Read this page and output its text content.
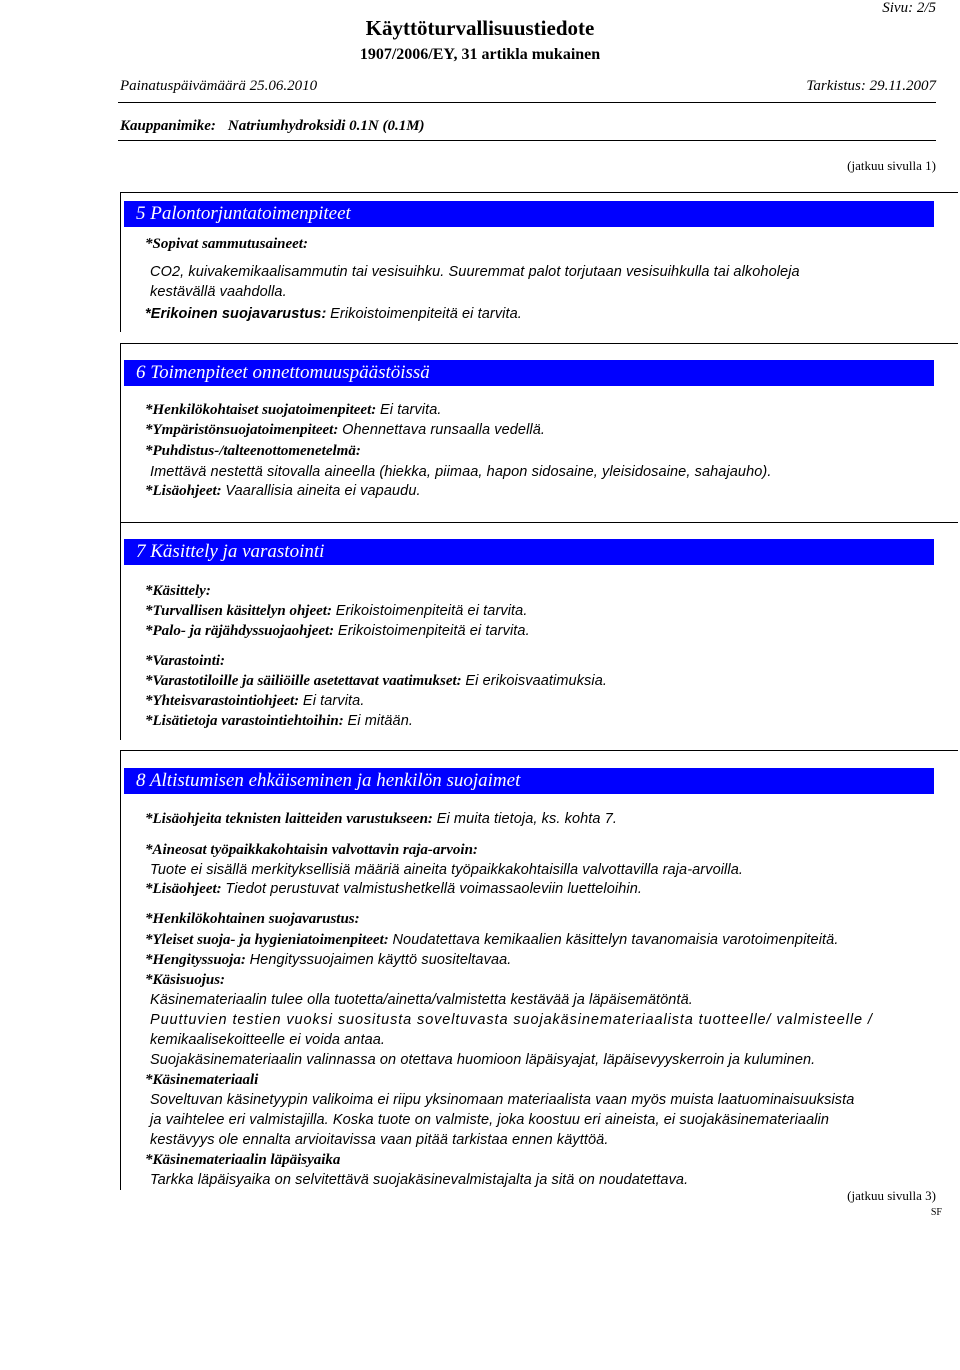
Sivu: 2/5
Käyttöturvallisuustiedote
1907/2006/EY, 31 artikla mukainen
Painatuspäivämäärä 25.06.2010	Tarkistus: 29.11.2007
Kauppanimike: Natriumhydroksidi 0.1N (0.1M)
(jatkuu sivulla 1)
5 Palontorjuntatoimenpiteet
*Sopivat sammutusaineet:
CO2, kuivakemikaalisammutin tai vesisuihku. Suuremmat palot torjutaan vesisuihkulla tai alkoholeja
kestävällä vaahdolla.
*Erikoinen suojavarustus: Erikoistoimenpiteitä ei tarvita.
6 Toimenpiteet onnettomuuspäästöissä
*Henkilökohtaiset suojatoimenpiteet: Ei tarvita.
*Ympäristönsuojatoimenpiteet: Ohennettava runsaalla vedellä.
*Puhdistus-/talteenottomenetelmä:
Imettävä nestettä sitovalla aineella (hiekka, piimaa, hapon sidosaine, yleisidosaine, sahajauho).
*Lisäohjeet: Vaarallisia aineita ei vapaudu.
7 Käsittely ja varastointi
*Käsittely:
*Turvallisen käsittelyn ohjeet: Erikoistoimenpiteitä ei tarvita.
*Palo- ja räjähdyssuojaohjeet: Erikoistoimenpiteitä ei tarvita.
*Varastointi:
*Varastotiloille ja säiliöille asetettavat vaatimukset: Ei erikoisvaatimuksia.
*Yhteisvarastointiohjeet: Ei tarvita.
*Lisätietoja varastointiehtoihin: Ei mitään.
8 Altistumisen ehkäiseminen ja henkilön suojaimet
*Lisäohjeita teknisten laitteiden varustukseen: Ei muita tietoja, ks. kohta 7.
*Aineosat työpaikkakohtaisin valvottavin raja-arvoin:
Tuote ei sisällä merkityksellisiä määriä aineita työpaikkakohtaisilla valvottavilla raja-arvoilla.
*Lisäohjeet: Tiedot perustuvat valmistushetkellä voimassaoleviin luetteloihin.
*Henkilökohtainen suojavarustus:
*Yleiset suoja- ja hygieniatoimenpiteet: Noudatettava kemikaalien käsittelyn tavanomaisia varotoimenpiteitä.
*Hengityssuoja: Hengityssuojaimen käyttö suositeltavaa.
*Käsisuojus:
Käsinemateriaalin tulee olla tuotetta/ainetta/valmistetta kestävää ja läpäisemätöntä.
Puuttuvien testien vuoksi suositusta soveltuvasta suojakäsinemateriaalista tuotteelle/ valmisteelle /
kemikaalisekoitteelle ei voida antaa.
Suojakäsinemateriaalin valinnassa on otettava huomioon läpäisyajat, läpäisevyyskerroin ja kuluminen.
*Käsinemateriaali
Soveltuvan käsinetyypin valikoima ei riipu yksinomaan materiaalista vaan myös muista laatuominaisuuksista
ja vaihtelee eri valmistajilla. Koska tuote on valmiste, joka koostuu eri aineista, ei suojakäsinemateriaalin
kestävyys ole ennalta arvioitavissa vaan pitää tarkistaa ennen käyttöä.
*Käsinemateriaalin läpäisyaika
Tarkka läpäisyaika on selvitettävä suojakäsinevalmistajalta ja sitä on noudatettava.
(jatkuu sivulla 3)
SF
